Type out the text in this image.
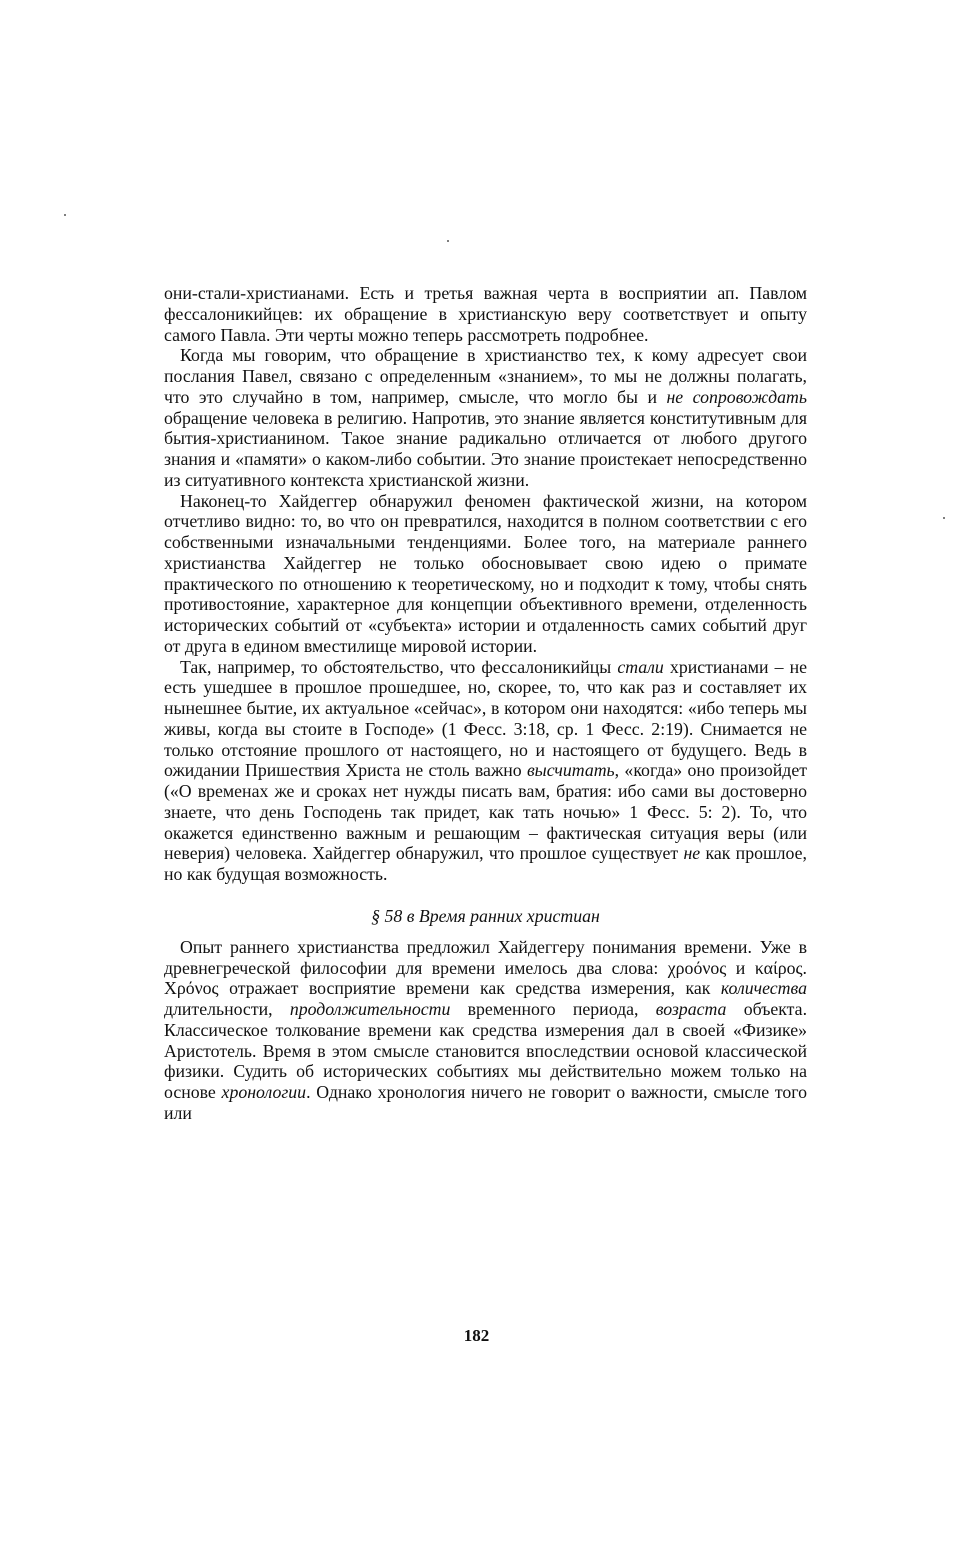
они-стали-христианами. Есть и третья важная черта в восприятии ап. Павлом фессалоникийцев: их обращение в христианскую веру соответствует и опыту самого Павла. Эти черты можно теперь рассмотреть подробнее.

Когда мы говорим, что обращение в христианство тех, к кому адресует свои послания Павел, связано с определенным «знанием», то мы не должны полагать, что это случайно в том, например, смысле, что могло бы и не сопровождать обращение человека в религию. Напротив, это знание является конститутивным для бытия-христианином. Такое знание радикально отличается от любого другого знания и «памяти» о каком-либо событии. Это знание проистекает непосредственно из ситуативного контекста христианской жизни.

Наконец-то Хайдеггер обнаружил феномен фактической жизни, на котором отчетливо видно: то, во что он превратился, находится в полном соответствии с его собственными изначальными тенденциями. Более того, на материале раннего христианства Хайдеггер не только обосновывает свою идею о примате практического по отношению к теоретическому, но и подходит к тому, чтобы снять противостояние, характерное для концепции объективного времени, отделенность исторических событий от «субъекта» истории и отдаленность самих событий друг от друга в едином вместилище мировой истории.

Так, например, то обстоятельство, что фессалоникийцы стали христианами – не есть ушедшее в прошлое прошедшее, но, скорее, то, что как раз и составляет их нынешнее бытие, их актуальное «сейчас», в котором они находятся: «ибо теперь мы живы, когда вы стоите в Господе» (1 Фесс. 3:18, ср. 1 Фесс. 2:19). Снимается не только отстояние прошлого от настоящего, но и настоящего от будущего. Ведь в ожидании Пришествия Христа не столь важно высчитать, «когда» оно произойдет («О временах же и сроках нет нужды писать вам, братия: ибо сами вы достоверно знаете, что день Господень так придет, как тать ночью» 1 Фесс. 5: 2). То, что окажется единственно важным и решающим – фактическая ситуация веры (или неверия) человека. Хайдеггер обнаружил, что прошлое существует не как прошлое, но как будущая возможность.

§ 58 в Время ранних христиан

Опыт раннего христианства предложил Хайдеггеру понимания времени. Уже в древнегреческой философии для времени имелось два слова: χροόνος и καίρος. Χρόνος отражает восприятие времени как средства измерения, как количества длительности, продолжительности временного периода, возраста объекта. Классическое толкование времени как средства измерения дал в своей «Физике» Аристотель. Время в этом смысле становится впоследствии основой классической физики. Судить об исторических событиях мы действительно можем только на основе хронологии. Однако хронология ничего не говорит о важности, смысле того или

182
